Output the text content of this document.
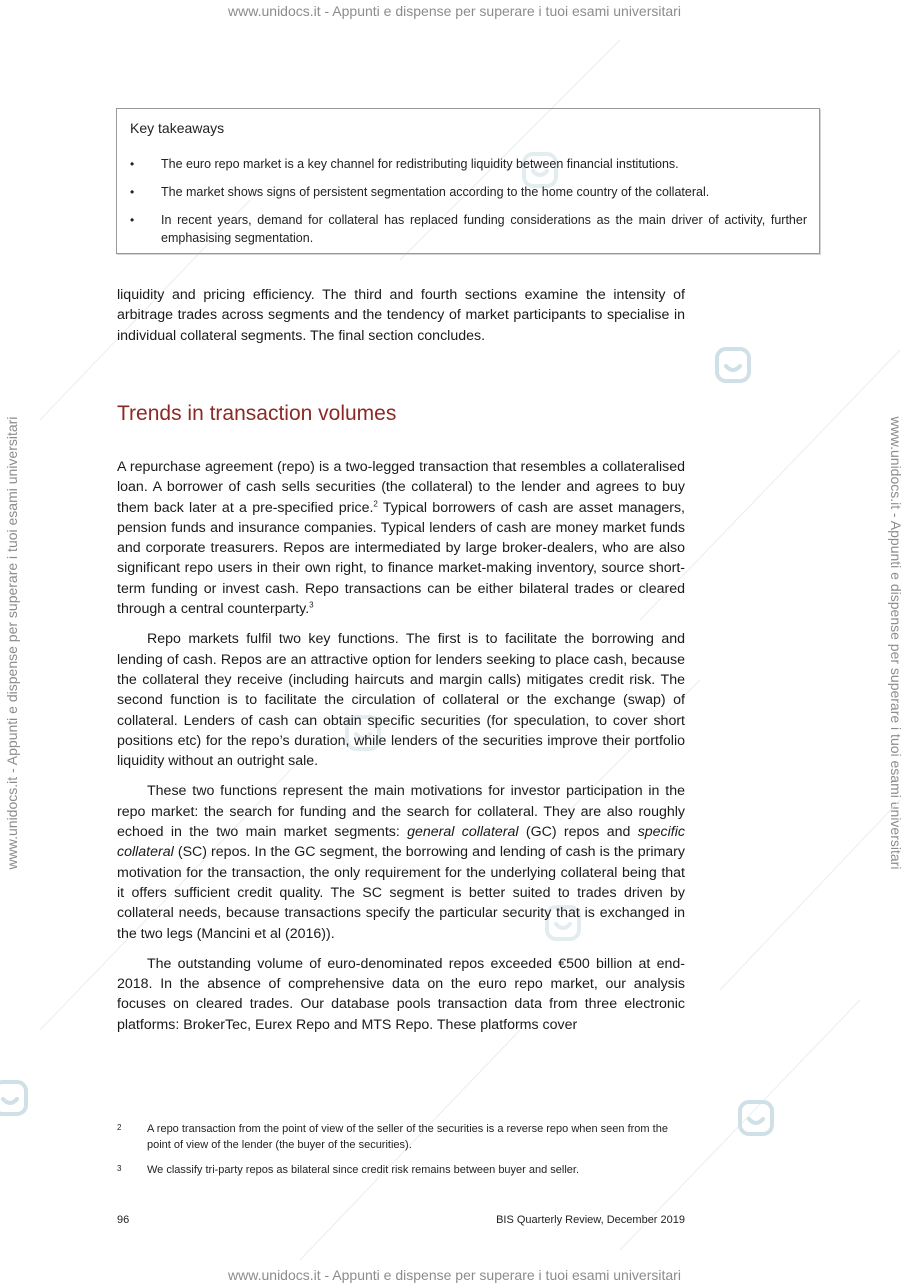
www.unidocs.it - Appunti e dispense per superare i tuoi esami universitari
www.unidocs.it - Appunti e dispense per superare i tuoi esami universitari
www.unidocs.it - Appunti e dispense per superare i tuoi esami universitari	www.unidocs.it - Appunti e dispense per superare i tuoi esami universitari
Key takeaways
• The euro repo market is a key channel for redistributing liquidity between financial institutions.
• The market shows signs of persistent segmentation according to the home country of the collateral.
• In recent years, demand for collateral has replaced funding considerations as the main driver of activity, further emphasising segmentation.

liquidity and pricing efficiency. The third and fourth sections examine the intensity of arbitrage trades across segments and the tendency of market participants to specialise in individual collateral segments. The final section concludes.

Trends in transaction volumes

A repurchase agreement (repo) is a two-legged transaction that resembles a collateralised loan. A borrower of cash sells securities (the collateral) to the lender and agrees to buy them back later at a pre-specified price.$^2$ Typical borrowers of cash are asset managers, pension funds and insurance companies. Typical lenders of cash are money market funds and corporate treasurers. Repos are intermediated by large broker-dealers, who are also significant repo users in their own right, to finance market-making inventory, source short-term funding or invest cash. Repo transactions can be either bilateral trades or cleared through a central counterparty.$^3$

Repo markets fulfil two key functions. The first is to facilitate the borrowing and lending of cash. Repos are an attractive option for lenders seeking to place cash, because the collateral they receive (including haircuts and margin calls) mitigates credit risk. The second function is to facilitate the circulation of collateral or the exchange (swap) of collateral. Lenders of cash can obtain specific securities (for speculation, to cover short positions etc) for the repo’s duration, while lenders of the securities improve their portfolio liquidity without an outright sale.

These two functions represent the main motivations for investor participation in the repo market: the search for funding and the search for collateral. They are also roughly echoed in the two main market segments: general collateral (GC) repos and specific collateral (SC) repos. In the GC segment, the borrowing and lending of cash is the primary motivation for the transaction, the only requirement for the underlying collateral being that it offers sufficient credit quality. The SC segment is better suited to trades driven by collateral needs, because transactions specify the particular security that is exchanged in the two legs (Mancini et al (2016)).

The outstanding volume of euro-denominated repos exceeded €500 billion at end-2018. In the absence of comprehensive data on the euro repo market, our analysis focuses on cleared trades. Our database pools transaction data from three electronic platforms: BrokerTec, Eurex Repo and MTS Repo. These platforms cover

2 A repo transaction from the point of view of the seller of the securities is a reverse repo when seen from the point of view of the lender (the buyer of the securities).
3 We classify tri-party repos as bilateral since credit risk remains between buyer and seller.
96	BIS Quarterly Review, December 2019
